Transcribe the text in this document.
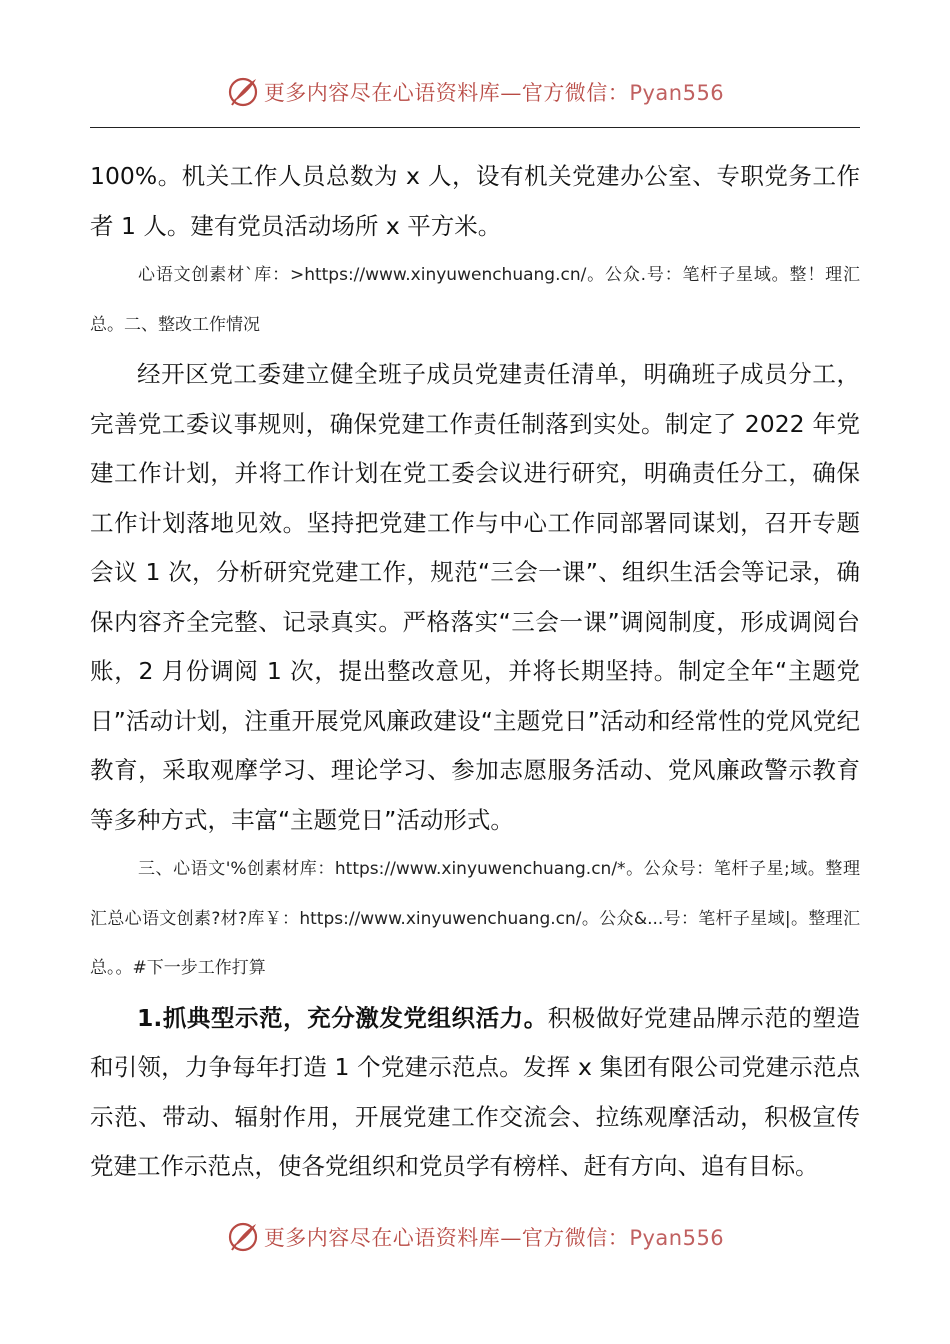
更多内容尽在心语资料库—官方微信：Pyan556

100%。机关工作人员总数为 x 人，设有机关党建办公室、专职党务工作者 1 人。建有党员活动场所 x 平方米。

心语文创素材`库：>https://www.xinyuwenchuang.cn/。公众.号：笔杆子星域。整！理汇总。二、整改工作情况

经开区党工委建立健全班子成员党建责任清单，明确班子成员分工，完善党工委议事规则，确保党建工作责任制落到实处。制定了 2022 年党建工作计划，并将工作计划在党工委会议进行研究，明确责任分工，确保工作计划落地见效。坚持把党建工作与中心工作同部署同谋划，召开专题会议 1 次，分析研究党建工作，规范“三会一课”、组织生活会等记录，确保内容齐全完整、记录真实。严格落实“三会一课”调阅制度，形成调阅台账，2 月份调阅 1 次，提出整改意见，并将长期坚持。制定全年“主题党日”活动计划，注重开展党风廉政建设“主题党日”活动和经常性的党风党纪教育，采取观摩学习、理论学习、参加志愿服务活动、党风廉政警示教育等多种方式，丰富“主题党日”活动形式。

三、心语文'%创素材库：https://www.xinyuwenchuang.cn/*。公众号：笔杆子星;域。整理汇总心语文创素?材?库￥：https://www.xinyuwenchuang.cn/。公众&...号：笔杆子星域|。整理汇总。。#下一步工作打算

1.抓典型示范，充分激发党组织活力。积极做好党建品牌示范的塑造和引领，力争每年打造 1 个党建示范点。发挥 x 集团有限公司党建示范点示范、带动、辐射作用，开展党建工作交流会、拉练观摩活动，积极宣传党建工作示范点，使各党组织和党员学有榜样、赶有方向、追有目标。

更多内容尽在心语资料库—官方微信：Pyan556
